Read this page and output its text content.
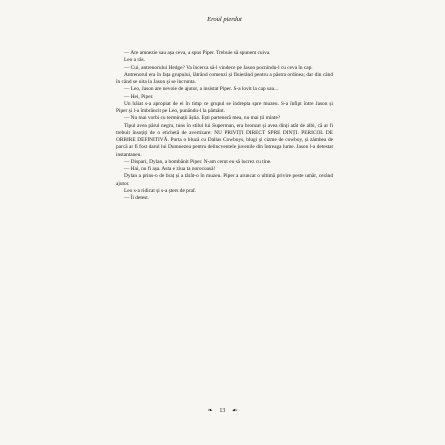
Eroul pierdut

— Are amnezie sau așa ceva, a spus Piper. Trebuie să spunem cuiva.

Leo a râs.

— Cui, antrenorului Hedge? Va încerca să-l vindece pe Jason pocnindu-l cu ceva în cap.

Antrenorul era în fața grupului, lătrând comenzi și fluierând pentru a păstra ordinea; dar din când în când se uita la Jason și se încrunta.

— Leo, Jason are nevoie de ajutor, a insistat Piper. S-a lovit la cap sau...

— Hei, Piper.

Un băiat s-a apropiat de ei în timp ce grupul se îndrepta spre muzeu. S-a înfipt între Jason și Piper și l-a îmbrâncit pe Leo, punându-l la pământ.

— Nu mai vorbi cu terminații ăștia. Ești parteneră mea, nu mai ții minte?

Tipul avea părul negru, tuns în stilul lui Superman, era bronzat și avea dinți atât de albi, că ar fi trebuit însoțiți de o etichetă de avertizare: NU PRIVIȚI DIRECT SPRE DINȚI. PERICOL DE ORBIRE DEFINITIVĂ. Purta o bluză cu Dallas Cowboys, blugi și cizme de cowboy, și zâmbea de parcă ar fi fost darul lui Dumnezeu pentru delincventele juvenile din întreaga lume. Jason l-a detestat instantaneu.

— Dispari, Dylan, a bombănit Piper. N-am cerut eu să lucrez cu tine.

— Hai, nu fi așa. Asta e ziua ta norocoasă!

Dylan a prins-o de braț și a târât-o în muzeu. Piper a aruncat o ultimă privire peste umăr, cerând ajutor.

Leo s-a ridicat și s-a șters de praf.

— Îi detest.

❧ 13 ☙
